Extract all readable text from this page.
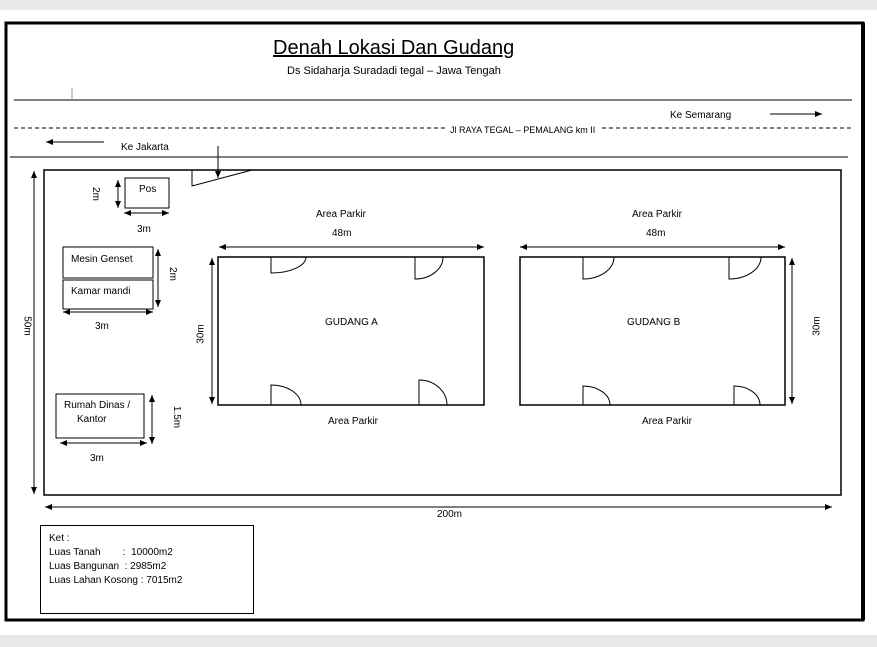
Denah Lokasi Dan Gudang
Ds Sidaharja Suradadi tegal – Jawa Tengah
Jl RAYA TEGAL – PEMALANG km II
Ke Semarang
Ke Jakarta
Pos
2m
3m
Mesin Genset
Kamar mandi
2m
3m
Rumah Dinas /
Kantor	1.5m
3m
Area Parkir
48m
GUDANG A
30m
Area Parkir
Area Parkir
48m
GUDANG B	30m
Area Parkir
50m
200m
Ket :
Luas Tanah        :  10000m2
Luas Bangunan  : 2985m2
Luas Lahan Kosong : 7015m2
